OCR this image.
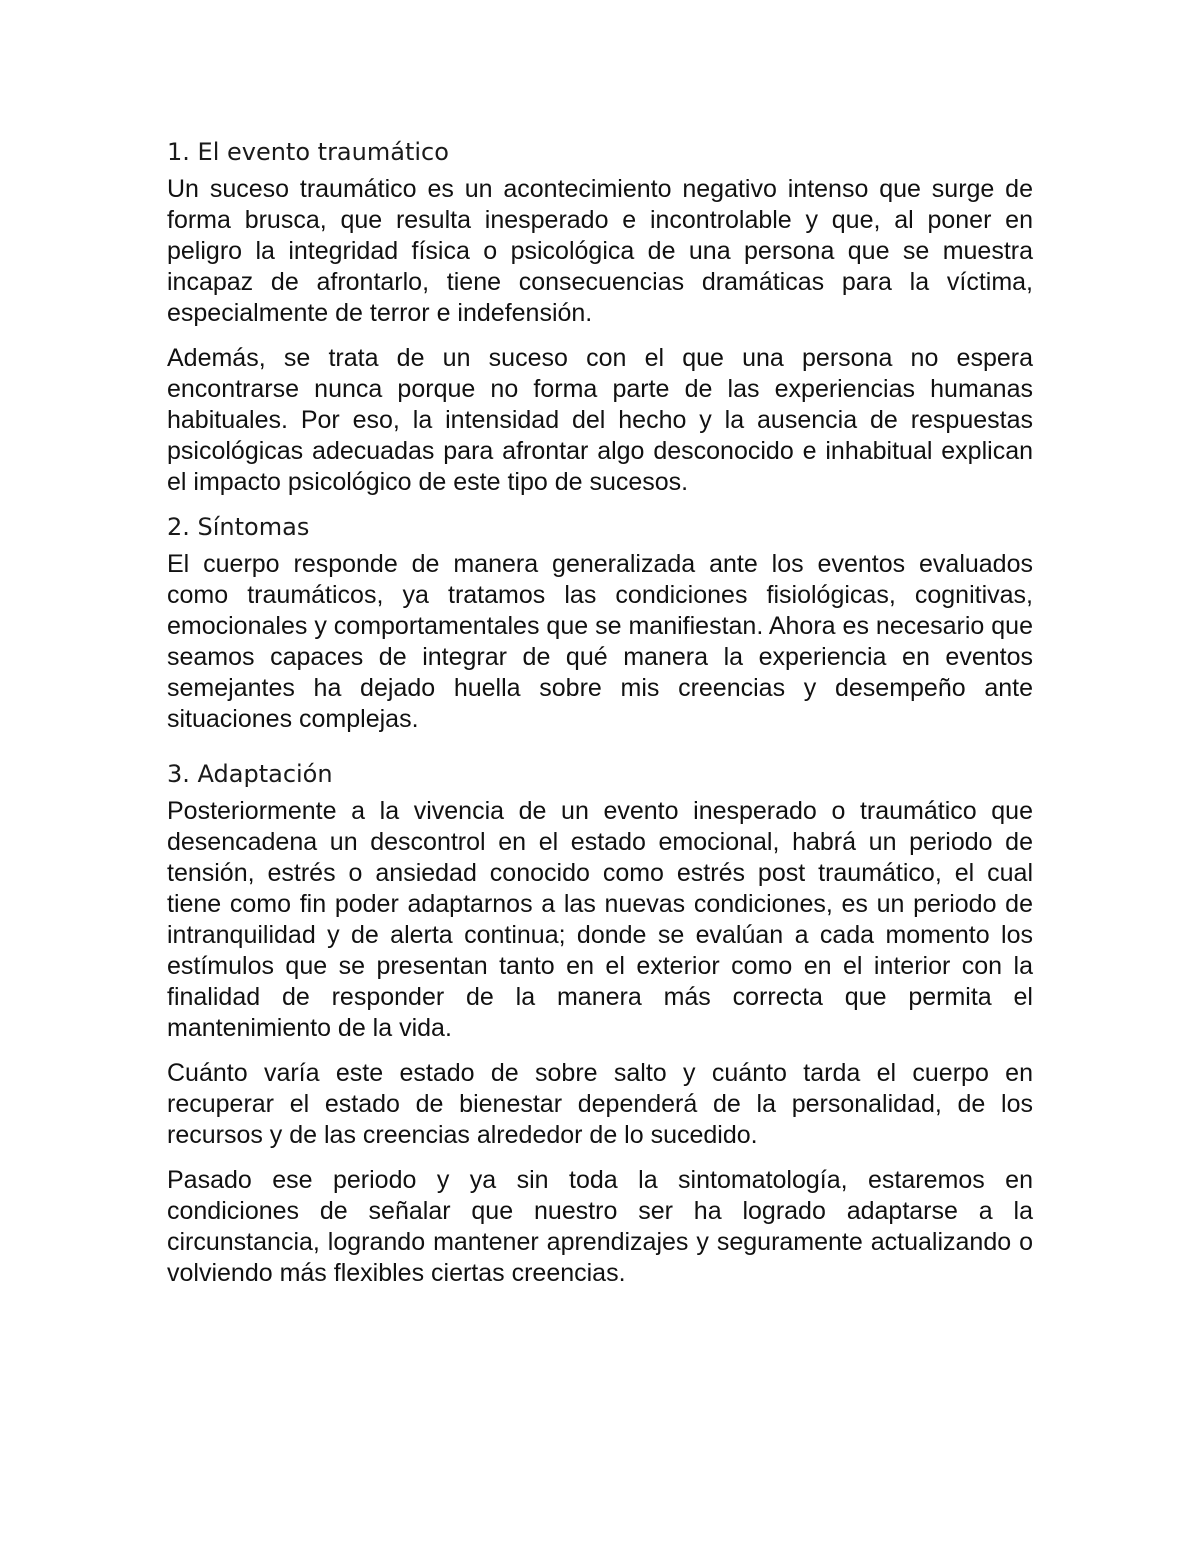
1. El evento traumático

Un suceso traumático es un acontecimiento negativo intenso que surge de forma brusca, que resulta inesperado e incontrolable y que, al poner en peligro la integridad física o psicológica de una persona que se muestra incapaz de afrontarlo, tiene consecuencias dramáticas para la víctima, especialmente de terror e indefensión.

Además, se trata de un suceso con el que una persona no espera encontrarse nunca porque no forma parte de las experiencias humanas habituales. Por eso, la intensidad del hecho y la ausencia de respuestas psicológicas adecuadas para afrontar algo desconocido e inhabitual explican el impacto psicológico de este tipo de sucesos.

2. Síntomas

El cuerpo responde de manera generalizada ante los eventos evaluados como traumáticos, ya tratamos las condiciones fisiológicas, cognitivas, emocionales y comportamentales que se manifiestan. Ahora es necesario que seamos capaces de integrar de qué manera la experiencia en eventos semejantes ha dejado huella sobre mis creencias y desempeño ante situaciones complejas.

3. Adaptación

Posteriormente a la vivencia de un evento inesperado o traumático que desencadena un descontrol en el estado emocional, habrá un periodo de tensión, estrés o ansiedad conocido como estrés post traumático, el cual tiene como fin poder adaptarnos a las nuevas condiciones, es un periodo de intranquilidad y de alerta continua; donde se evalúan a cada momento los estímulos que se presentan tanto en el exterior como en el interior con la finalidad de responder de la manera más correcta que permita el mantenimiento de la vida.

Cuánto varía este estado de sobre salto y cuánto tarda el cuerpo en recuperar el estado de bienestar dependerá de la personalidad, de los recursos y de las creencias alrededor de lo sucedido.

Pasado ese periodo y ya sin toda la sintomatología, estaremos en condiciones de señalar que nuestro ser ha logrado adaptarse a la circunstancia, logrando mantener aprendizajes y seguramente actualizando o volviendo más flexibles ciertas creencias.
